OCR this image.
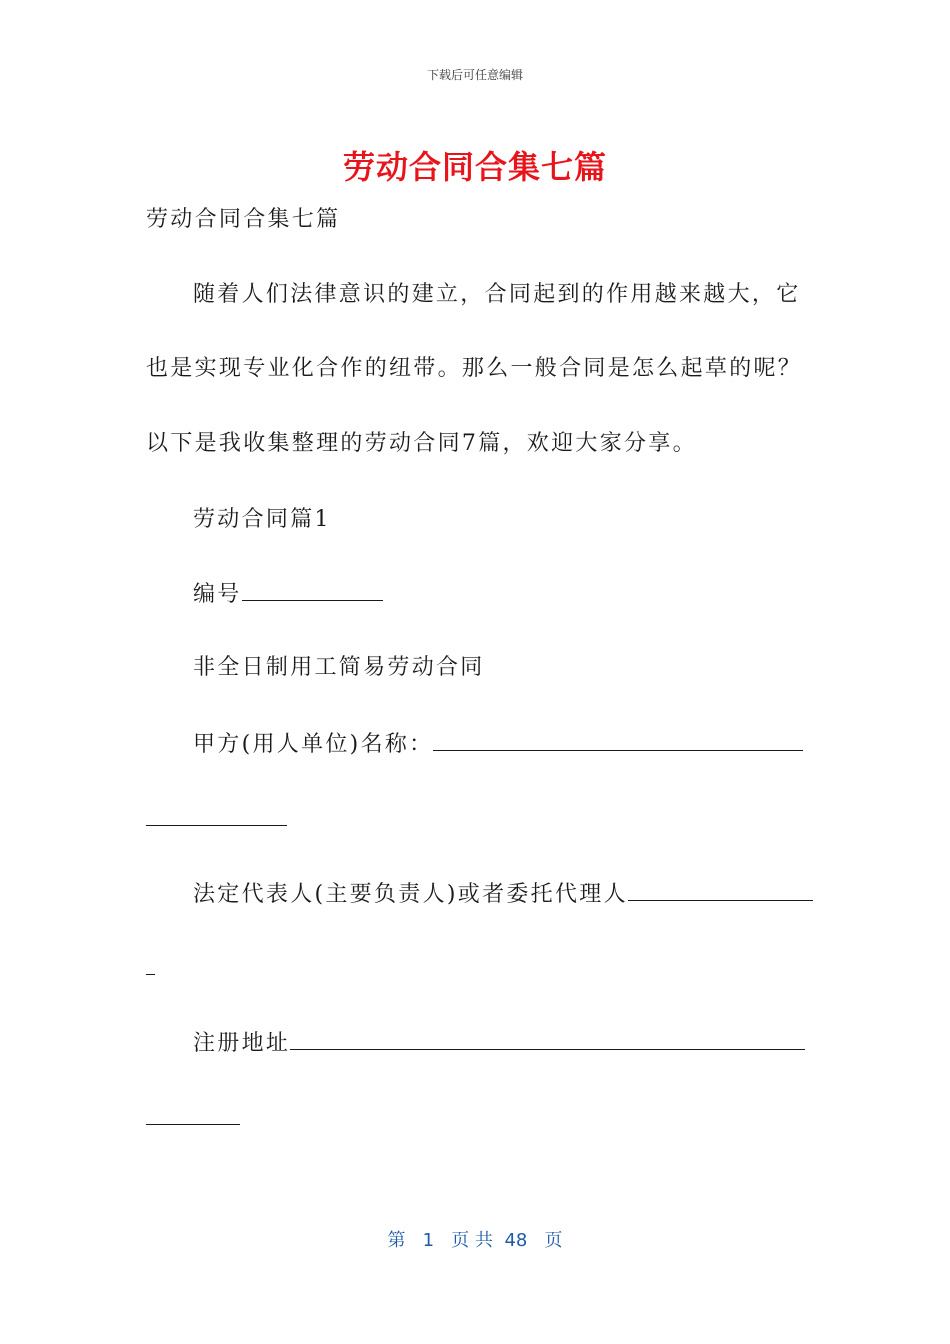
下载后可任意编辑
劳动合同合集七篇
劳动合同合集七篇
随着人们法律意识的建立，合同起到的作用越来越大，它
也是实现专业化合作的纽带。那么一般合同是怎么起草的呢？
以下是我收集整理的劳动合同7篇，欢迎大家分享。
劳动合同篇1
编号
非全日制用工简易劳动合同
甲方(用人单位)名称：
法定代表人(主要负责人)或者委托代理人
注册地址
第 1 页 共 48 页
